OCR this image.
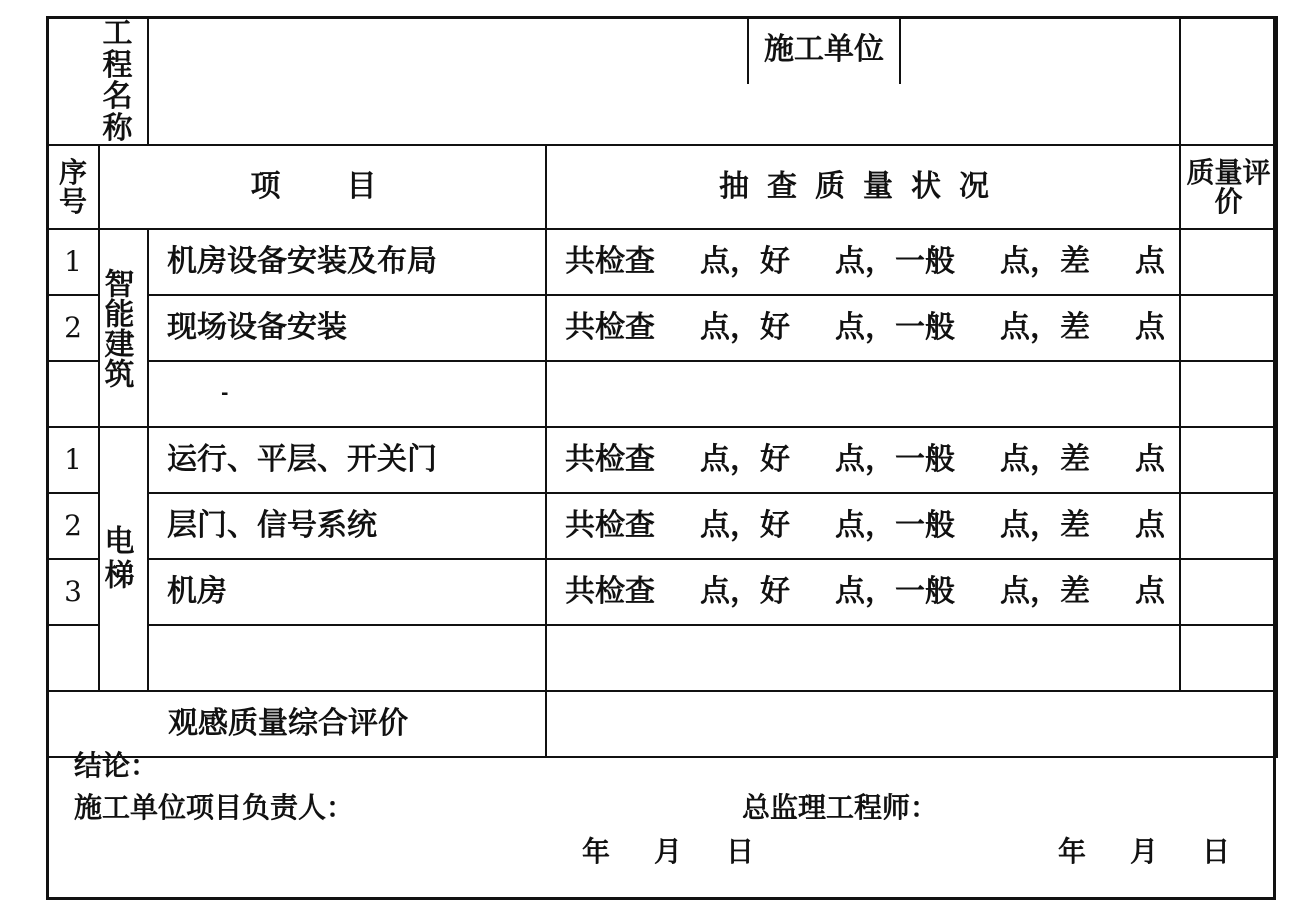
工程名称		施工单位		

序号	项　目		抽查质量状况	质量评价
1	智能建筑	机房设备安装及布局	共检查 点，好 点，一般 点，差 点	

2		现场设备安装	共检查 点，好 点，一般 点，差 点	

		-		
1	电梯	运行、平层、开关门	共检查 点，好 点，一般 点，差 点	

2		层门、信号系统	共检查 点，好 点，一般 点，差 点	

3		机房	共检查 点，好 点，一般 点，差 点	

观感质量综合评价				
结论：
施工单位项目负责人：	总监理工程师：
年　月　日	年　月　日
